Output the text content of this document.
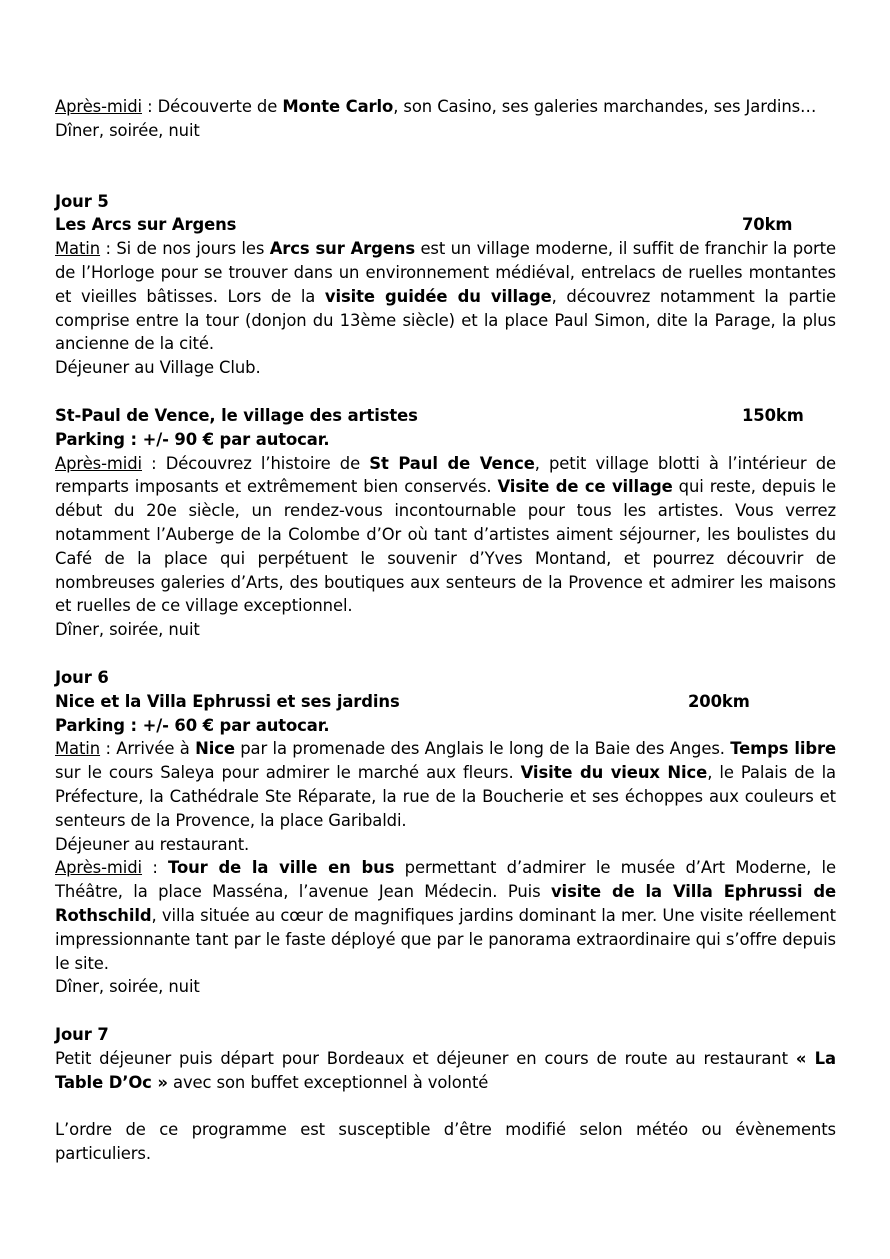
Après-midi : Découverte de Monte Carlo, son Casino, ses galeries marchandes, ses Jardins…

Dîner, soirée, nuit

Jour 5

Les Arcs sur Argens	70km

Matin : Si de nos jours les Arcs sur Argens est un village moderne, il suffit de franchir la porte de l’Horloge pour se trouver dans un environnement médiéval, entrelacs de ruelles montantes et vieilles bâtisses. Lors de la visite guidée du village, découvrez notamment la partie comprise entre la tour (donjon du 13ème siècle) et la place Paul Simon, dite la Parage, la plus ancienne de la cité.

Déjeuner au Village Club.

St-Paul de Vence, le village des artistes	150km

Parking : +/- 90 € par autocar.

Après-midi : Découvrez l’histoire de St Paul de Vence, petit village blotti à l’intérieur de remparts imposants et extrêmement bien conservés. Visite de ce village qui reste, depuis le début du 20e siècle, un rendez-vous incontournable pour tous les artistes. Vous verrez notamment l’Auberge de la Colombe d’Or où tant d’artistes aiment séjourner, les boulistes du Café de la place qui perpétuent le souvenir d’Yves Montand, et pourrez découvrir de nombreuses galeries d’Arts, des boutiques aux senteurs de la Provence et admirer les maisons et ruelles de ce village exceptionnel.

Dîner, soirée, nuit

Jour 6

Nice et la Villa Ephrussi et ses jardins	200km

Parking : +/- 60 € par autocar.

Matin : Arrivée à Nice par la promenade des Anglais le long de la Baie des Anges. Temps libre sur le cours Saleya pour admirer le marché aux fleurs. Visite du vieux Nice, le Palais de la Préfecture, la Cathédrale Ste Réparate, la rue de la Boucherie et ses échoppes aux couleurs et senteurs de la Provence, la place Garibaldi.

Déjeuner au restaurant.

Après-midi : Tour de la ville en bus permettant d’admirer le musée d’Art Moderne, le Théâtre, la place Masséna, l’avenue Jean Médecin. Puis visite de la Villa Ephrussi de Rothschild, villa située au cœur de magnifiques jardins dominant la mer. Une visite réellement impressionnante tant par le faste déployé que par le panorama extraordinaire qui s’offre depuis le site.

Dîner, soirée, nuit

Jour 7

Petit déjeuner puis départ pour Bordeaux et déjeuner en cours de route au restaurant « La Table D’Oc » avec son buffet exceptionnel à volonté

L’ordre de ce programme est susceptible d’être modifié selon météo ou évènements particuliers.
